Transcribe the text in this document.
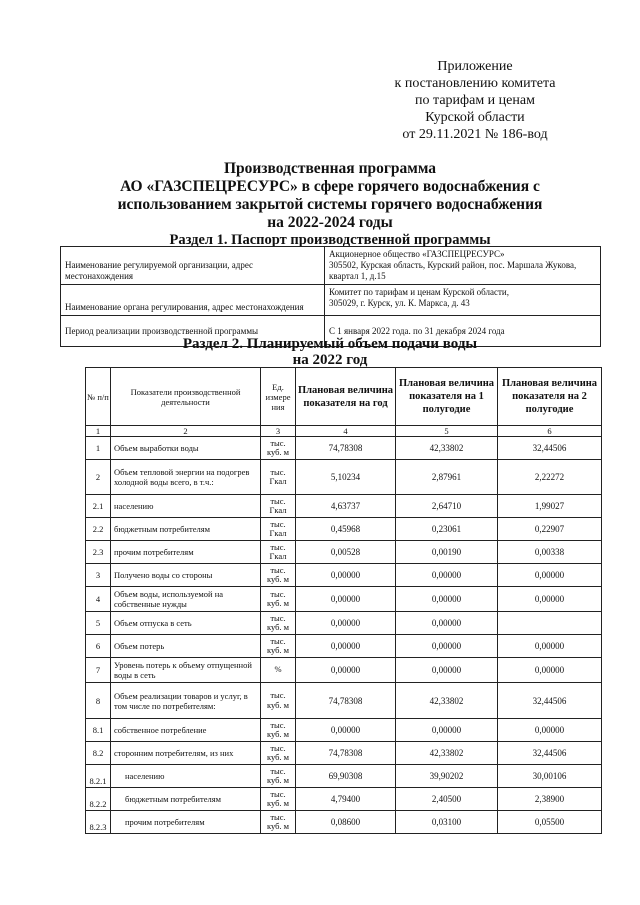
Приложение
к постановлению комитета
по тарифам и ценам
Курской области
от 29.11.2021 № 186-вод
Производственная программа
АО «ГАЗСПЕЦРЕСУРС» в сфере горячего водоснабжения с
использованием закрытой системы горячего водоснабжения
на 2022-2024 годы
Раздел 1. Паспорт производственной программы
Наименование регулируемой организации, адрес местонахождения	Акционерное общество «ГАЗСПЕЦРЕСУРС»
305502, Курская область, Курский район, пос. Маршала Жукова, квартал 1, д.15

Наименование органа регулирования, адрес местонахождения	Комитет по тарифам и ценам Курской области,
305029, г. Курск, ул. К. Маркса, д. 43

Период реализации производственной программы	С 1 января 2022 года. по 31 декабря 2024 года
Раздел 2. Планируемый объем подачи воды
на 2022 год
№ п/п	Показатели производственной деятельности	Ед. измере ния	Плановая величина показателя на год	Плановая величина показателя на 1 полугодие	Плановая величина показателя на 2 полугодие
1	2	3	4	5	6
1	Объем выработки воды	тыс. куб. м	74,78308	42,33802	32,44506
2	Объем тепловой энергии на подогрев холодной воды всего, в т.ч.:	тыс. Гкал	5,10234	2,87961	2,22272
2.1	населению	тыс. Гкал	4,63737	2,64710	1,99027
2.2	бюджетным потребителям	тыс. Гкал	0,45968	0,23061	0,22907
2.3	прочим потребителям	тыс. Гкал	0,00528	0,00190	0,00338
3	Получено воды со стороны	тыс. куб. м	0,00000	0,00000	0,00000
4	Объем воды, используемой на собственные нужды	тыс. куб. м	0,00000	0,00000	0,00000
5	Объем отпуска в сеть	тыс. куб. м	0,00000	0,00000	
6	Объем потерь	тыс. куб. м	0,00000	0,00000	0,00000
7	Уровень потерь к объему отпущенной воды в сеть	%	0,00000	0,00000	0,00000
8	Объем реализации товаров и услуг, в том числе по потребителям:	тыс. куб. м	74,78308	42,33802	32,44506
8.1	собственное потребление	тыс. куб. м	0,00000	0,00000	0,00000
8.2	сторонним потребителям, из них	тыс. куб. м	74,78308	42,33802	32,44506
8.2.1	населению	тыс. куб. м	69,90308	39,90202	30,00106
8.2.2	бюджетным потребителям	тыс. куб. м	4,79400	2,40500	2,38900
8.2.3	прочим потребителям	тыс. куб. м	0,08600	0,03100	0,05500
